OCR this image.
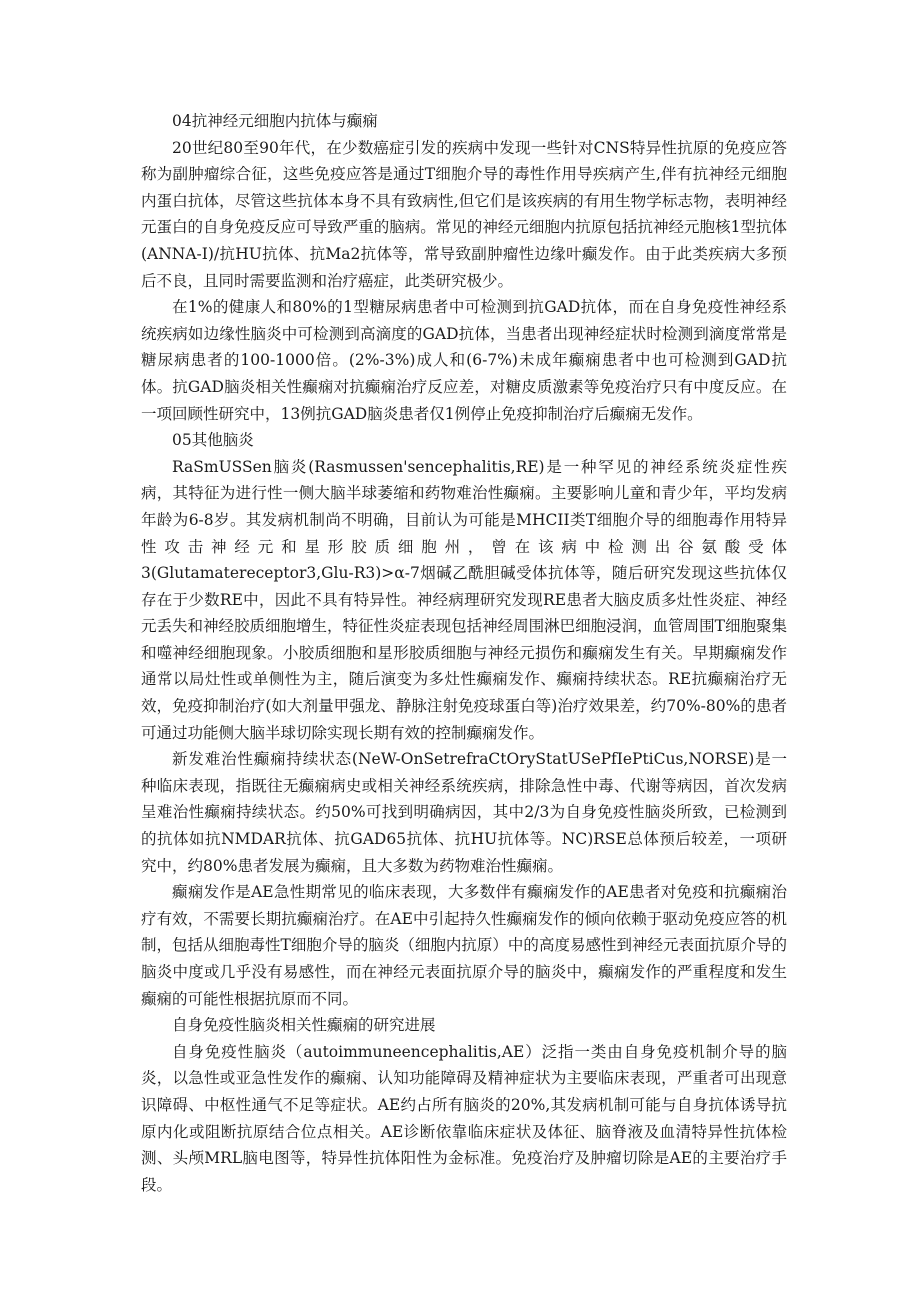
04抗神经元细胞内抗体与癫痫

20世纪80至90年代，在少数癌症引发的疾病中发现一些针对CNS特异性抗原的免疫应答称为副肿瘤综合征，这些免疫应答是通过T细胞介导的毒性作用导疾病产生,伴有抗神经元细胞内蛋白抗体，尽管这些抗体本身不具有致病性,但它们是该疾病的有用生物学标志物，表明神经元蛋白的自身免疫反应可导致严重的脑病。常见的神经元细胞内抗原包括抗神经元胞核1型抗体(ANNA-I)/抗HU抗体、抗Ma2抗体等，常导致副肿瘤性边缘叶癫发作。由于此类疾病大多预后不良，且同时需要监测和治疗癌症，此类研究极少。

在1%的健康人和80%的1型糖尿病患者中可检测到抗GAD抗体，而在自身免疫性神经系统疾病如边缘性脑炎中可检测到高滴度的GAD抗体，当患者出现神经症状时检测到滴度常常是糖尿病患者的100-1000倍。(2%-3%)成人和(6-7%)未成年癫痫患者中也可检测到GAD抗体。抗GAD脑炎相关性癫痫对抗癫痫治疗反应差，对糖皮质激素等免疫治疗只有中度反应。在一项回顾性研究中，13例抗GAD脑炎患者仅1例停止免疫抑制治疗后癫痫无发作。

05其他脑炎

RaSmUSSen脑炎(Rasmussen'sencephalitis,RE)是一种罕见的神经系统炎症性疾病，其特征为进行性一侧大脑半球萎缩和药物难治性癫痫。主要影响儿童和青少年，平均发病年龄为6-8岁。其发病机制尚不明确，目前认为可能是MHCII类T细胞介导的细胞毒作用特异性攻击神经元和星形胶质细胞州，曾在该病中检测出谷氨酸受体3(Glutamatereceptor3,Glu-R3)>α-7烟碱乙酰胆碱受体抗体等，随后研究发现这些抗体仅存在于少数RE中，因此不具有特异性。神经病理研究发现RE患者大脑皮质多灶性炎症、神经元丢失和神经胶质细胞增生，特征性炎症表现包括神经周围淋巴细胞浸润，血管周围T细胞聚集和噬神经细胞现象。小胶质细胞和星形胶质细胞与神经元损伤和癫痫发生有关。早期癫痫发作通常以局灶性或单侧性为主，随后演变为多灶性癫痫发作、癫痫持续状态。RE抗癫痫治疗无效，免疫抑制治疗(如大剂量甲强龙、静脉注射免疫球蛋白等)治疗效果差，约70%-80%的患者可通过功能侧大脑半球切除实现长期有效的控制癫痫发作。

新发难治性癫痫持续状态(NeW-OnSetrefraCtOryStatUSePfIePtiCus,NORSE)是一种临床表现，指既往无癫痫病史或相关神经系统疾病，排除急性中毒、代谢等病因，首次发病呈难治性癫痫持续状态。约50%可找到明确病因，其中2/3为自身免疫性脑炎所致，已检测到的抗体如抗NMDAR抗体、抗GAD65抗体、抗HU抗体等。NC)RSE总体预后较差，一项研究中，约80%患者发展为癫痫，且大多数为药物难治性癫痫。

癫痫发作是AE急性期常见的临床表现，大多数伴有癫痫发作的AE患者对免疫和抗癫痫治疗有效，不需要长期抗癫痫治疗。在AE中引起持久性癫痫发作的倾向依赖于驱动免疫应答的机制，包括从细胞毒性T细胞介导的脑炎（细胞内抗原）中的高度易感性到神经元表面抗原介导的脑炎中度或几乎没有易感性，而在神经元表面抗原介导的脑炎中，癫痫发作的严重程度和发生癫痫的可能性根据抗原而不同。

自身免疫性脑炎相关性癫痫的研究进展

自身免疫性脑炎（autoimmuneencephalitis,AE）泛指一类由自身免疫机制介导的脑炎，以急性或亚急性发作的癫痫、认知功能障碍及精神症状为主要临床表现，严重者可出现意识障碍、中枢性通气不足等症状。AE约占所有脑炎的20%,其发病机制可能与自身抗体诱导抗原内化或阻断抗原结合位点相关。AE诊断依靠临床症状及体征、脑脊液及血清特异性抗体检测、头颅MRL脑电图等，特异性抗体阳性为金标准。免疫治疗及肿瘤切除是AE的主要治疗手段。
